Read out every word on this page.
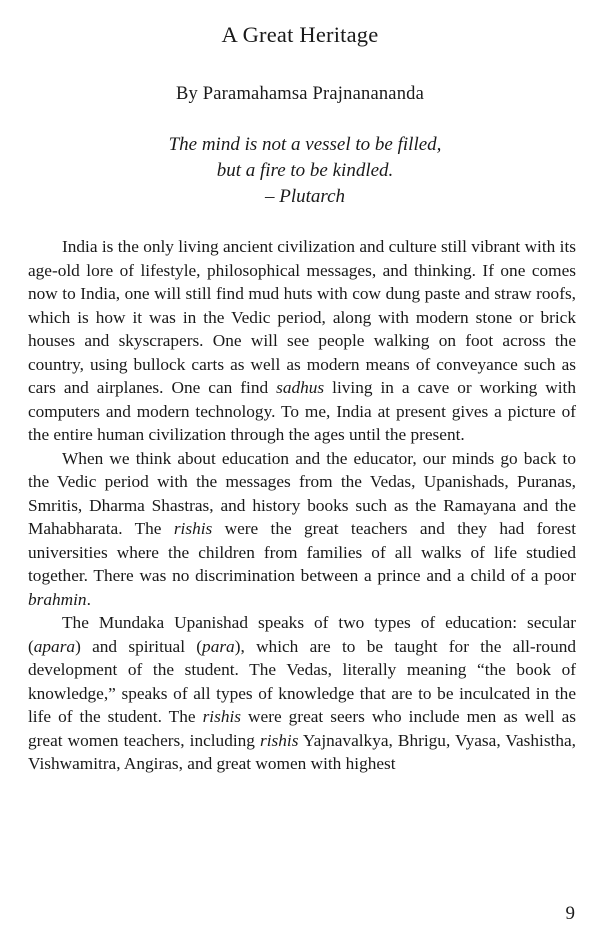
A Great Heritage
By Paramahamsa Prajnanananda
The mind is not a vessel to be filled,
but a fire to be kindled.
– Plutarch

India is the only living ancient civilization and culture still vibrant with its age-old lore of lifestyle, philosophical messages, and thinking. If one comes now to India, one will still find mud huts with cow dung paste and straw roofs, which is how it was in the Vedic period, along with modern stone or brick houses and skyscrapers. One will see people walking on foot across the country, using bullock carts as well as modern means of conveyance such as cars and airplanes. One can find sadhus living in a cave or working with computers and modern technology. To me, India at present gives a picture of the entire human civilization through the ages until the present.

When we think about education and the educator, our minds go back to the Vedic period with the messages from the Vedas, Upanishads, Puranas, Smritis, Dharma Shastras, and history books such as the Ramayana and the Mahabharata. The rishis were the great teachers and they had forest universities where the children from families of all walks of life studied together. There was no discrimination between a prince and a child of a poor brahmin.

The Mundaka Upanishad speaks of two types of education: secular (apara) and spiritual (para), which are to be taught for the all-round development of the student. The Vedas, literally meaning “the book of knowledge,” speaks of all types of knowledge that are to be inculcated in the life of the student. The rishis were great seers who include men as well as great women teachers, including rishis Yajnavalkya, Bhrigu, Vyasa, Vashistha, Vishwamitra, Angiras, and great women with highest

9
